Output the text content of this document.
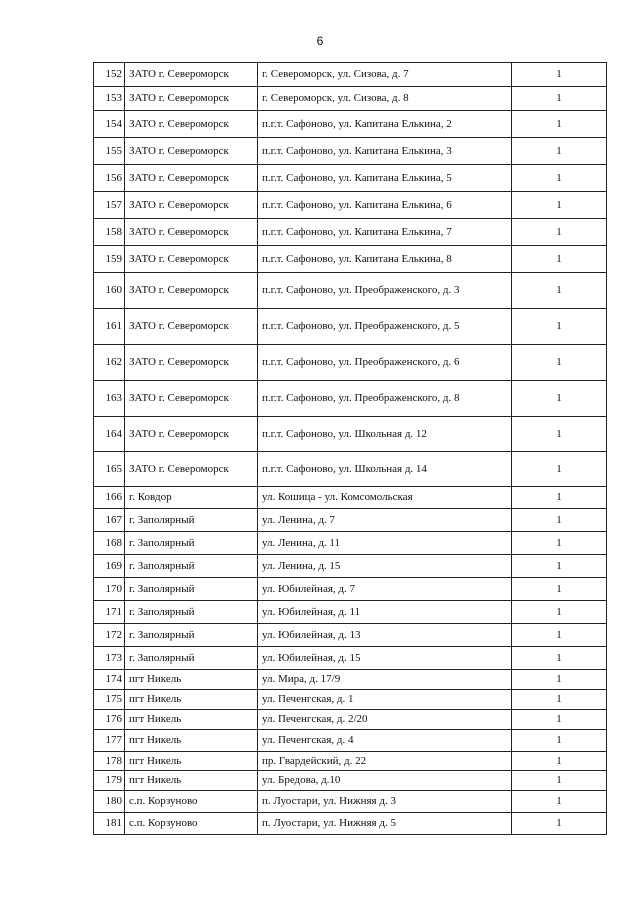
6
152	ЗАТО г. Североморск	г. Североморск, ул. Сизова, д. 7	1
153	ЗАТО г. Североморск	г. Североморск, ул. Сизова, д. 8	1
154	ЗАТО г. Североморск	п.г.т. Сафоново, ул. Капитана Елькина, 2	1
155	ЗАТО г. Североморск	п.г.т. Сафоново, ул. Капитана Елькина, 3	1
156	ЗАТО г. Североморск	п.г.т. Сафоново, ул. Капитана Елькина, 5	1
157	ЗАТО г. Североморск	п.г.т. Сафоново, ул. Капитана Елькина, 6	1
158	ЗАТО г. Североморск	п.г.т. Сафоново, ул. Капитана Елькина, 7	1
159	ЗАТО г. Североморск	п.г.т. Сафоново, ул. Капитана Елькина, 8	1
160	ЗАТО г. Североморск	п.г.т. Сафоново, ул. Преображенского, д. 3	1
161	ЗАТО г. Североморск	п.г.т. Сафоново, ул. Преображенского, д. 5	1
162	ЗАТО г. Североморск	п.г.т. Сафоново, ул. Преображенского, д. 6	1
163	ЗАТО г. Североморск	п.г.т. Сафоново, ул. Преображенского, д. 8	1
164	ЗАТО г. Североморск	п.г.т. Сафоново, ул. Школьная д. 12	1
165	ЗАТО г. Североморск	п.г.т. Сафоново, ул. Школьная д. 14	1
166	г. Ковдор	ул. Кошица - ул. Комсомольская	1
167	г. Заполярный	ул. Ленина, д. 7	1
168	г. Заполярный	ул. Ленина, д. 11	1
169	г. Заполярный	ул. Ленина, д. 15	1
170	г. Заполярный	ул. Юбилейная, д. 7	1
171	г. Заполярный	ул. Юбилейная, д. 11	1
172	г. Заполярный	ул. Юбилейная, д. 13	1
173	г. Заполярный	ул. Юбилейная, д. 15	1
174	пгт Никель	ул. Мира, д. 17/9	1
175	пгт Никель	ул. Печенгская, д. 1	1
176	пгт Никель	ул. Печенгская, д. 2/20	1
177	пгт Никель	ул. Печенгская, д. 4	1
178	пгт Никель	пр. Гвардейский, д. 22	1
179	пгт Никель	ул. Бредова, д.10	1
180	с.п. Корзуново	п. Луостари, ул. Нижняя д. 3	1
181	с.п. Корзуново	п. Луостари, ул. Нижняя д. 5	1
